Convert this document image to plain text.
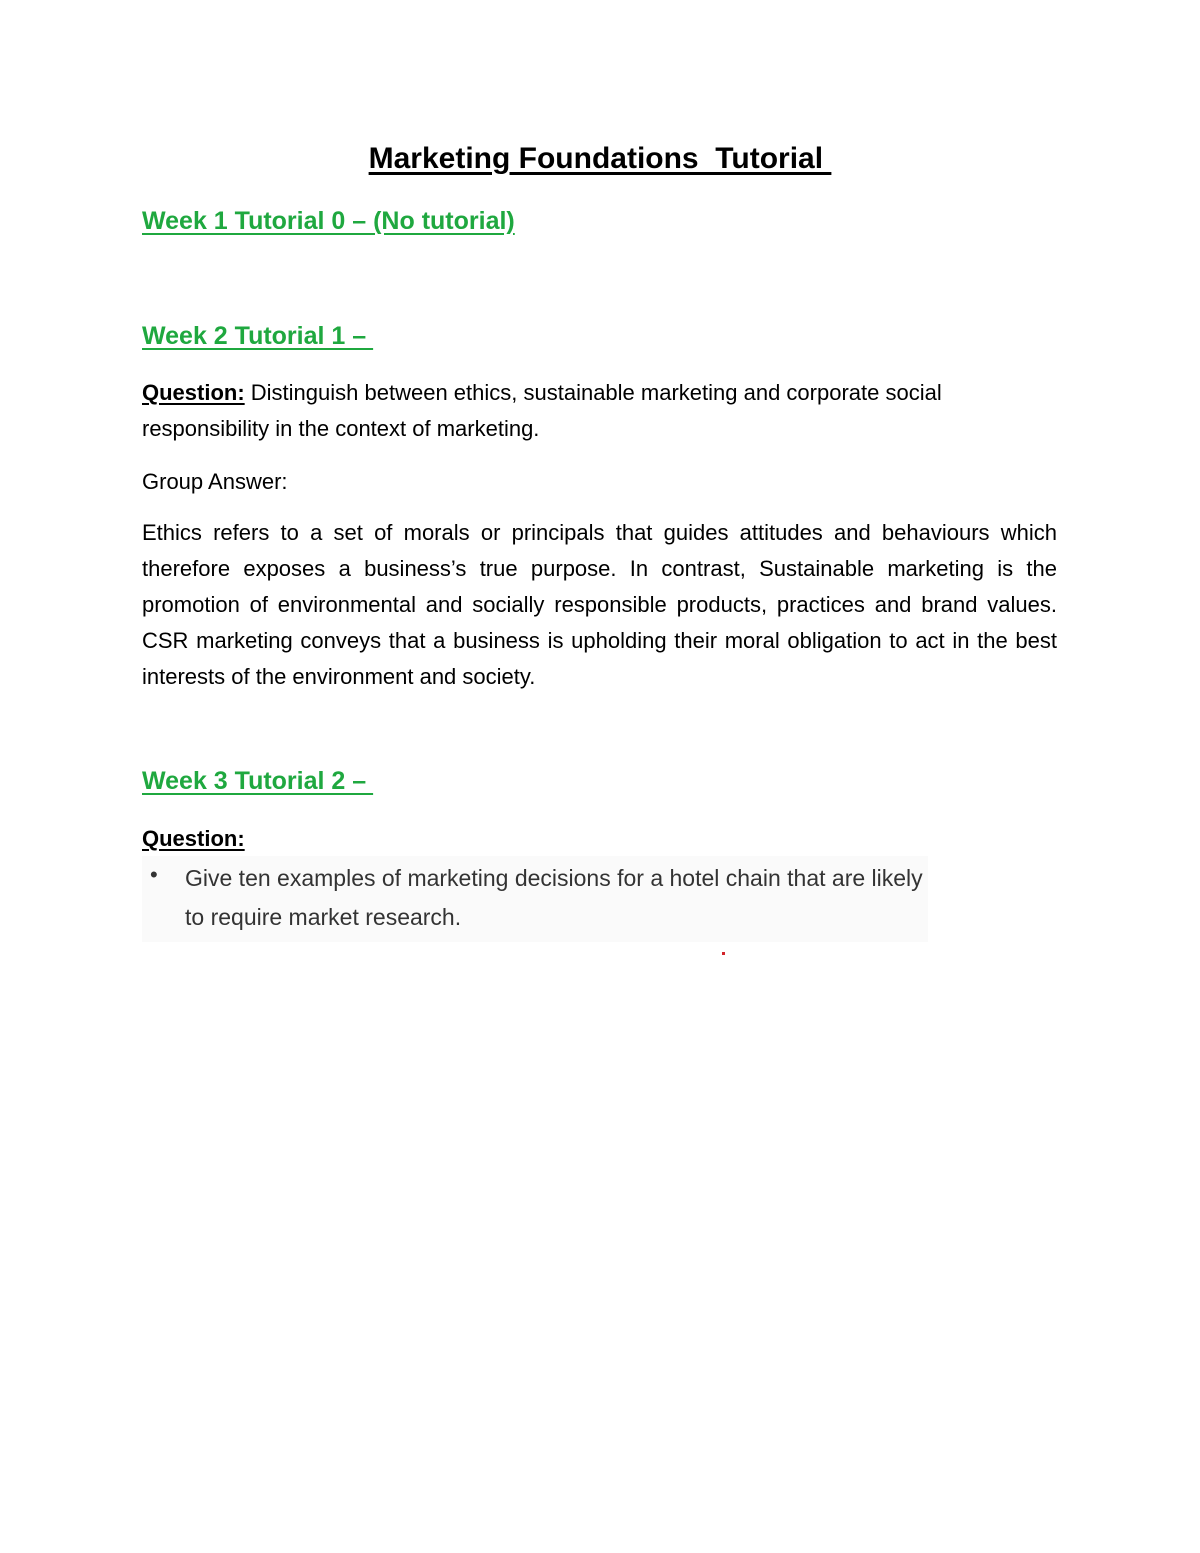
Marketing Foundations  Tutorial
Week 1 Tutorial 0 – (No tutorial)
Week 2 Tutorial 1 –
Question: Distinguish between ethics, sustainable marketing and corporate social responsibility in the context of marketing.
Group Answer:
Ethics refers to a set of morals or principals that guides attitudes and behaviours which therefore exposes a business’s true purpose. In contrast, Sustainable marketing is the promotion of environmental and socially responsible products, practices and brand values. CSR marketing conveys that a business is upholding their moral obligation to act in the best interests of the environment and society.
Week 3 Tutorial 2 –
Question:
• Give ten examples of marketing decisions for a hotel chain that are likely to require market research.
